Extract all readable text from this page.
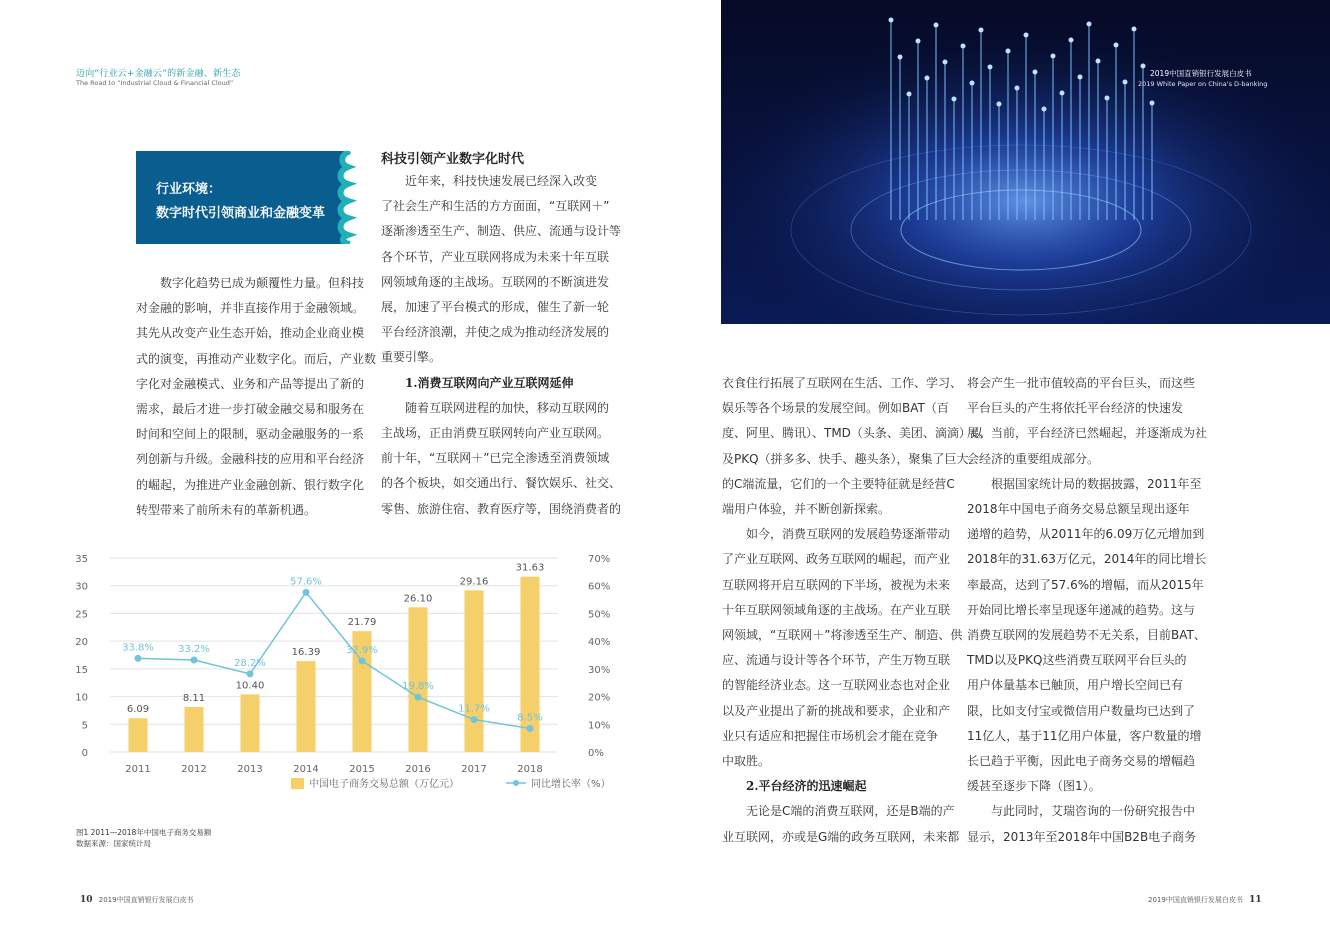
迈向“行业云+金融云”的新金融、新生态
The Road to “Industrial Cloud & Financial Cloud”
行业环境：
数字时代引领商业和金融变革

数字化趋势已成为颠覆性力量。但科技

对金融的影响，并非直接作用于金融领域。

其先从改变产业生态开始，推动企业商业模

式的演变，再推动产业数字化。而后，产业数

字化对金融模式、业务和产品等提出了新的

需求，最后才进一步打破金融交易和服务在

时间和空间上的限制，驱动金融服务的一系

列创新与升级。金融科技的应用和平台经济

的崛起，为推进产业金融创新、银行数字化

转型带来了前所未有的革新机遇。

科技引领产业数字化时代

近年来，科技快速发展已经深入改变

了社会生产和生活的方方面面，“互联网＋”

逐渐渗透至生产、制造、供应、流通与设计等

各个环节，产业互联网将成为未来十年互联

网领域角逐的主战场。互联网的不断演进发

展，加速了平台模式的形成，催生了新一轮

平台经济浪潮，并使之成为推动经济发展的

重要引擎。

1.消费互联网向产业互联网延伸

随着互联网进程的加快，移动互联网的

主战场，正由消费互联网转向产业互联网。

前十年，“互联网＋”已完全渗透至消费领域

的各个板块，如交通出行、餐饮娱乐、社交、

零售、旅游住宿、教育医疗等，围绕消费者的

0
5
10
15
20
25
30
35
0%
10%
20%
30%
40%
50%
60%
70%
6.09
8.11
10.40
16.39
21.79
26.10
29.16
31.63
2011	2012	2013	2014	2015	2016	2017	2018
33.8% 33.2%
28.2%
57.6%
32.9%
19.8%
11.7%
8.5%
中国电子商务交易总额（万亿元）	同比增长率（%）
图1 2011—2018年中国电子商务交易额
数据来源：国家统计局
2019中国直销银行发展白皮书
2019 White Paper on China's D-banking

衣食住行拓展了互联网在生活、工作、学习、

娱乐等各个场景的发展空间。例如BAT（百

度、阿里、腾讯）、TMD（头条、美团、滴滴）以

及PKQ（拼多多、快手、趣头条），聚集了巨大

的C端流量，它们的一个主要特征就是经营C

端用户体验，并不断创新探索。

如今，消费互联网的发展趋势逐渐带动

了产业互联网、政务互联网的崛起，而产业

互联网将开启互联网的下半场，被视为未来

十年互联网领域角逐的主战场。在产业互联

网领域，“互联网＋”将渗透至生产、制造、供

应、流通与设计等各个环节，产生万物互联

的智能经济业态。这一互联网业态也对企业

以及产业提出了新的挑战和要求，企业和产

业只有适应和把握住市场机会才能在竞争

中取胜。

2.平台经济的迅速崛起

无论是C端的消费互联网，还是B端的产

业互联网，亦或是G端的政务互联网，未来都

将会产生一批市值较高的平台巨头，而这些

平台巨头的产生将依托平台经济的快速发

展。当前，平台经济已然崛起，并逐渐成为社

会经济的重要组成部分。

根据国家统计局的数据披露，2011年至

2018年中国电子商务交易总额呈现出逐年

递增的趋势，从2011年的6.09万亿元增加到

2018年的31.63万亿元，2014年的同比增长

率最高，达到了57.6%的增幅，而从2015年

开始同比增长率呈现逐年递减的趋势。这与

消费互联网的发展趋势不无关系，目前BAT、

TMD以及PKQ这些消费互联网平台巨头的

用户体量基本已触顶，用户增长空间已有

限，比如支付宝或微信用户数量均已达到了

11亿人，基于11亿用户体量，客户数量的增

长已趋于平衡，因此电子商务交易的增幅趋

缓甚至逐步下降（图1）。

与此同时，艾瑞咨询的一份研究报告中

显示，2013年至2018年中国B2B电子商务

10 2019中国直销银行发展白皮书	2019中国直销银行发展白皮书 11
